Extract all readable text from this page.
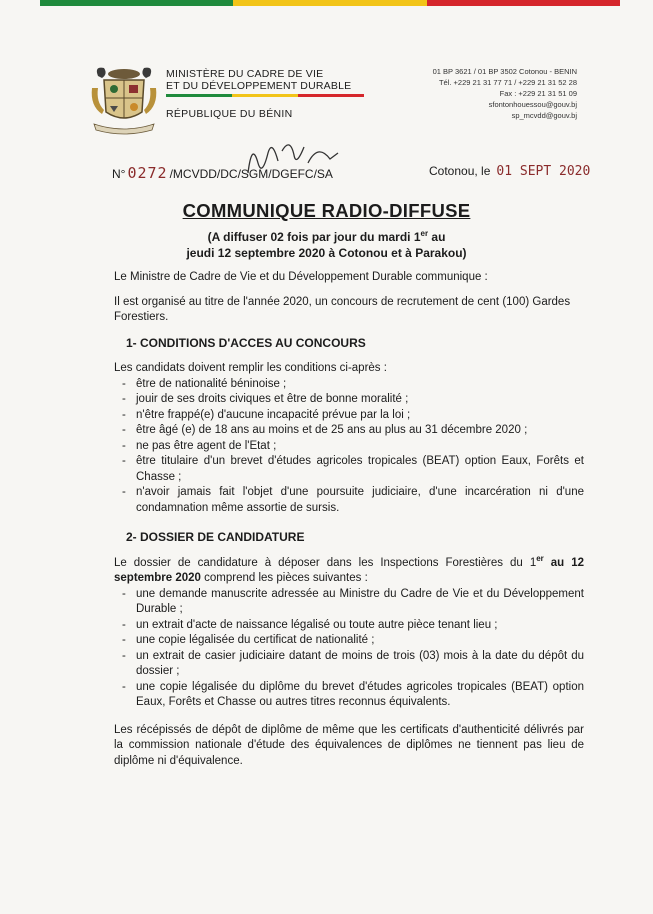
MINISTÈRE DU CADRE DE VIE
ET DU DÉVELOPPEMENT DURABLE
RÉPUBLIQUE DU BÉNIN
01 BP 3621 / 01 BP 3502 Cotonou - BENIN
Tél. +229 21 31 77 71 / +229 21 31 52 28
Fax : +229 21 31 51 09
sfontonhouessou@gouv.bj
sp_mcvdd@gouv.bj
N° 0272 /MCVDD/DC/SGM/DGEFC/SA	Cotonou, le 01 SEPT 2020
COMMUNIQUE RADIO-DIFFUSE
(A diffuser 02 fois par jour du mardi 1er au
jeudi 12 septembre 2020 à Cotonou et à Parakou)

Le Ministre de Cadre de Vie et du Développement Durable communique :

Il est organisé au titre de l'année 2020, un concours de recrutement de cent (100) Gardes Forestiers.

1- CONDITIONS D'ACCES AU CONCOURS

Les candidats doivent remplir les conditions ci-après :

- être de nationalité béninoise ;
- jouir de ses droits civiques et être de bonne moralité ;
- n'être frappé(e) d'aucune incapacité prévue par la loi ;
- être âgé (e) de 18 ans au moins et de 25 ans au plus au 31 décembre 2020 ;
- ne pas être agent de l'Etat ;
- être titulaire d'un brevet d'études agricoles tropicales (BEAT) option Eaux, Forêts et Chasse ;
- n'avoir jamais fait l'objet d'une poursuite judiciaire, d'une incarcération ni d'une condamnation même assortie de sursis.
2- DOSSIER DE CANDIDATURE

Le dossier de candidature à déposer dans les Inspections Forestières du 1er au 12 septembre 2020 comprend les pièces suivantes :

- une demande manuscrite adressée au Ministre du Cadre de Vie et du Développement Durable ;
- un extrait d'acte de naissance légalisé ou toute autre pièce tenant lieu ;
- une copie légalisée du certificat de nationalité ;
- un extrait de casier judiciaire datant de moins de trois (03) mois à la date du dépôt du dossier ;
- une copie légalisée du diplôme du brevet d'études agricoles tropicales (BEAT) option Eaux, Forêts et Chasse ou autres titres reconnus équivalents.

Les récépissés de dépôt de diplôme de même que les certificats d'authenticité délivrés par la commission nationale d'étude des équivalences de diplômes ne tiennent pas lieu de diplôme ni d'équivalence.
